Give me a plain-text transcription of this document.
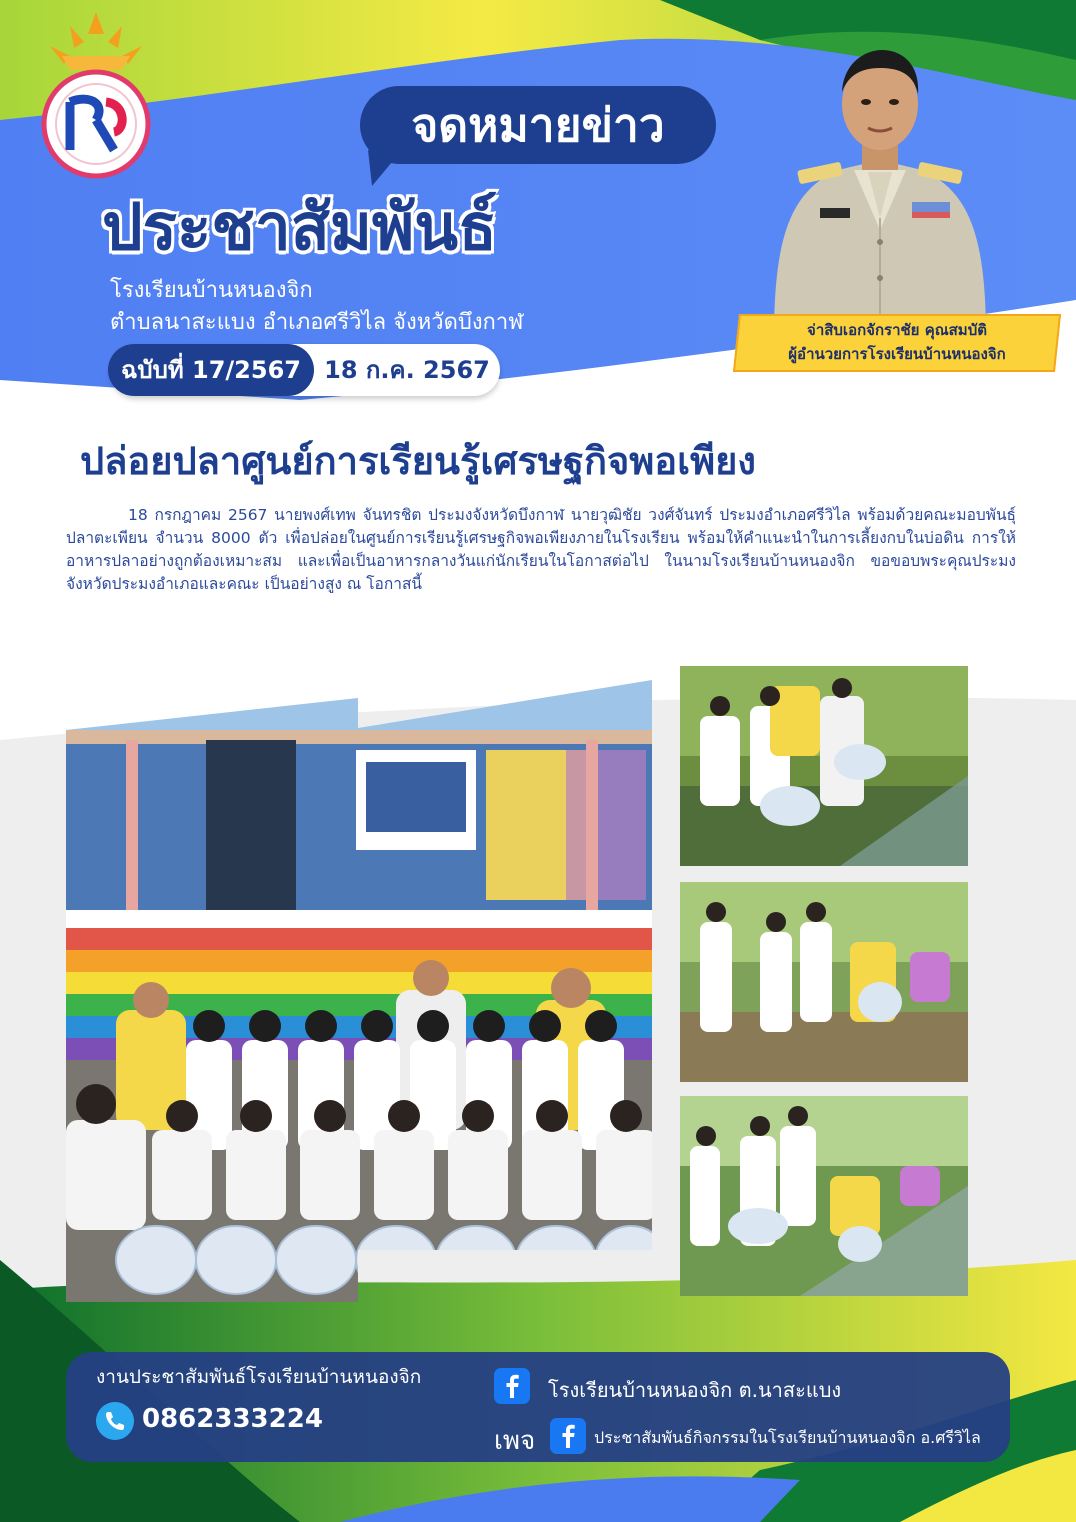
จดหมายข่าว
ประชาสัมพันธ์
โรงเรียนบ้านหนองจิก
ตำบลนาสะแบง อำเภอศรีวิไล จังหวัดบึงกาฬ
ฉบับที่ 17/2567 18 ก.ค. 2567
จ่าสิบเอกจักราชัย คุณสมบัติ
ผู้อำนวยการโรงเรียนบ้านหนองจิก
ปล่อยปลาศูนย์การเรียนรู้เศรษฐกิจพอเพียง

18 กรกฎาคม 2567 นายพงศ์เทพ จันทรชิต ประมงจังหวัดบึงกาฬ นายวุฒิชัย วงศ์จันทร์ ประมงอำเภอศรีวิไล พร้อมด้วยคณะมอบพันธุ์ปลาตะเพียน จำนวน 8000 ตัว เพื่อปล่อยในศูนย์การเรียนรู้เศรษฐกิจพอเพียงภายในโรงเรียน พร้อมให้คำแนะนำในการเลี้ยงกบในบ่อดิน การให้อาหารปลาอย่างถูกต้องเหมาะสม และเพื่อเป็นอาหารกลางวันแก่นักเรียนในโอกาสต่อไป ในนามโรงเรียนบ้านหนองจิก ขอขอบพระคุณประมงจังหวัดประมงอำเภอและคณะ เป็นอย่างสูง ณ โอกาสนี้

งานประชาสัมพันธ์โรงเรียนบ้านหนองจิก
0862333224
โรงเรียนบ้านหนองจิก ต.นาสะแบง
เพจ	ประชาสัมพันธ์กิจกรรมในโรงเรียนบ้านหนองจิก อ.ศรีวิไล
